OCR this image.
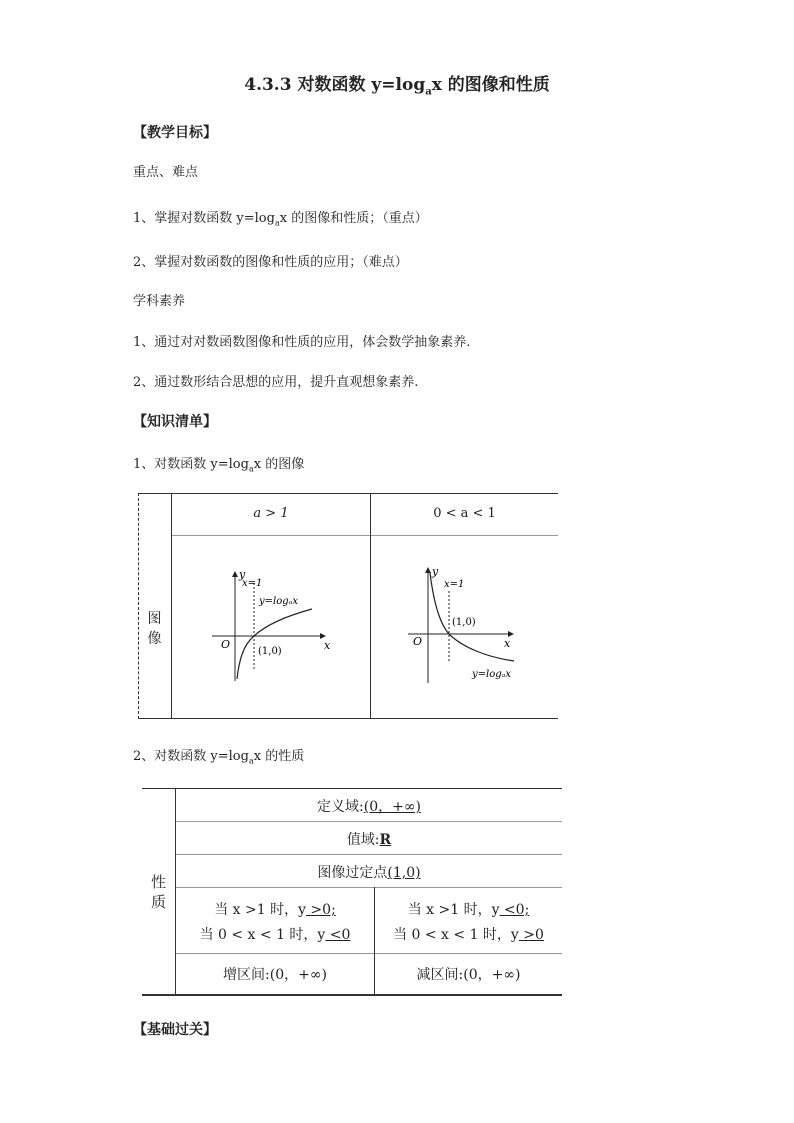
4.3.3 对数函数 $y=\log_ax$ 的图像和性质
【教学目标】
重点、难点
1、掌握对数函数 $y=\log_ax$ 的图像和性质；（重点）
2、掌握对数函数的图像和性质的应用；（难点）
学科素养
1、通过对对数函数图像和性质的应用，体会数学抽象素养.
2、通过数形结合思想的应用，提升直观想象素养.
【知识清单】
1、对数函数 $y=\log_ax$ 的图像
a > 1	0 < a < 1
图
像
y
x
O
x=1
y=logₐx
(1,0)
y
x
O
x=1
y=logₐx
(1,0)
2、对数函数 $y=\log_ax$ 的性质
性
质
定义域:(0，+∞)
值域:R
图像过定点(1,0)
当 x >1 时，y >0;
当 0 < x < 1 时，y <0
当 x >1 时，y <0;
当 0 < x < 1 时，y >0
增区间:(0，+∞)	减区间:(0，+∞)
【基础过关】
